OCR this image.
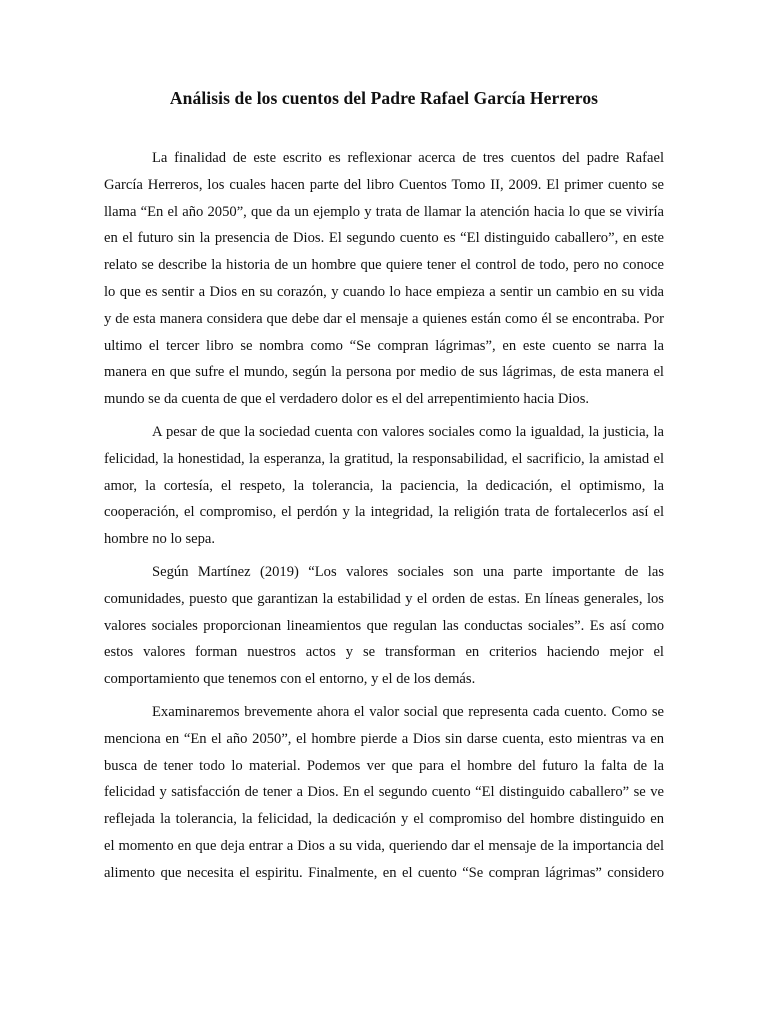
Análisis de los cuentos del Padre Rafael García Herreros
La finalidad de este escrito es reflexionar acerca de tres cuentos del padre Rafael
García Herreros, los cuales hacen parte del libro Cuentos Tomo II, 2009. El primer cuento se
llama “En el año 2050”, que da un ejemplo y trata de llamar la atención hacia lo que se viviría
en el futuro sin la presencia de Dios. El segundo cuento es “El distinguido caballero”, en este
relato se describe la historia de un hombre que quiere tener el control de todo, pero no conoce
lo que es sentir a Dios en su corazón, y cuando lo hace empieza a sentir un cambio en su vida
y de esta manera considera que debe dar el mensaje a quienes están como él se encontraba. Por
ultimo el tercer libro se nombra como “Se compran lágrimas”, en este cuento se narra la
manera en que sufre el mundo, según la persona por medio de sus lágrimas, de esta manera el
mundo se da cuenta de que el verdadero dolor es el del arrepentimiento hacia Dios.
A pesar de que la sociedad cuenta con valores sociales como la igualdad, la justicia, la
felicidad, la honestidad, la esperanza, la gratitud, la responsabilidad, el sacrificio, la amistad el
amor, la cortesía, el respeto, la tolerancia, la paciencia, la dedicación, el optimismo, la
cooperación, el compromiso, el perdón y la integridad, la religión trata de fortalecerlos así el
hombre no lo sepa.
Según Martínez (2019) “Los valores sociales son una parte importante de las
comunidades, puesto que garantizan la estabilidad y el orden de estas. En líneas generales, los
valores sociales proporcionan lineamientos que regulan las conductas sociales”. Es así como
estos valores forman nuestros actos y se transforman en criterios haciendo mejor el
comportamiento que tenemos con el entorno, y el de los demás.
Examinaremos brevemente ahora el valor social que representa cada cuento. Como se
menciona en “En el año 2050”, el hombre pierde a Dios sin darse cuenta, esto mientras va en
busca de tener todo lo material. Podemos ver que para el hombre del futuro la falta de la
felicidad y satisfacción de tener a Dios. En el segundo cuento “El distinguido caballero” se ve
reflejada la tolerancia, la felicidad, la dedicación y el compromiso del hombre distinguido en
el momento en que deja entrar a Dios a su vida, queriendo dar el mensaje de la importancia del
alimento que necesita el espiritu. Finalmente, en el cuento “Se compran lágrimas” considero
